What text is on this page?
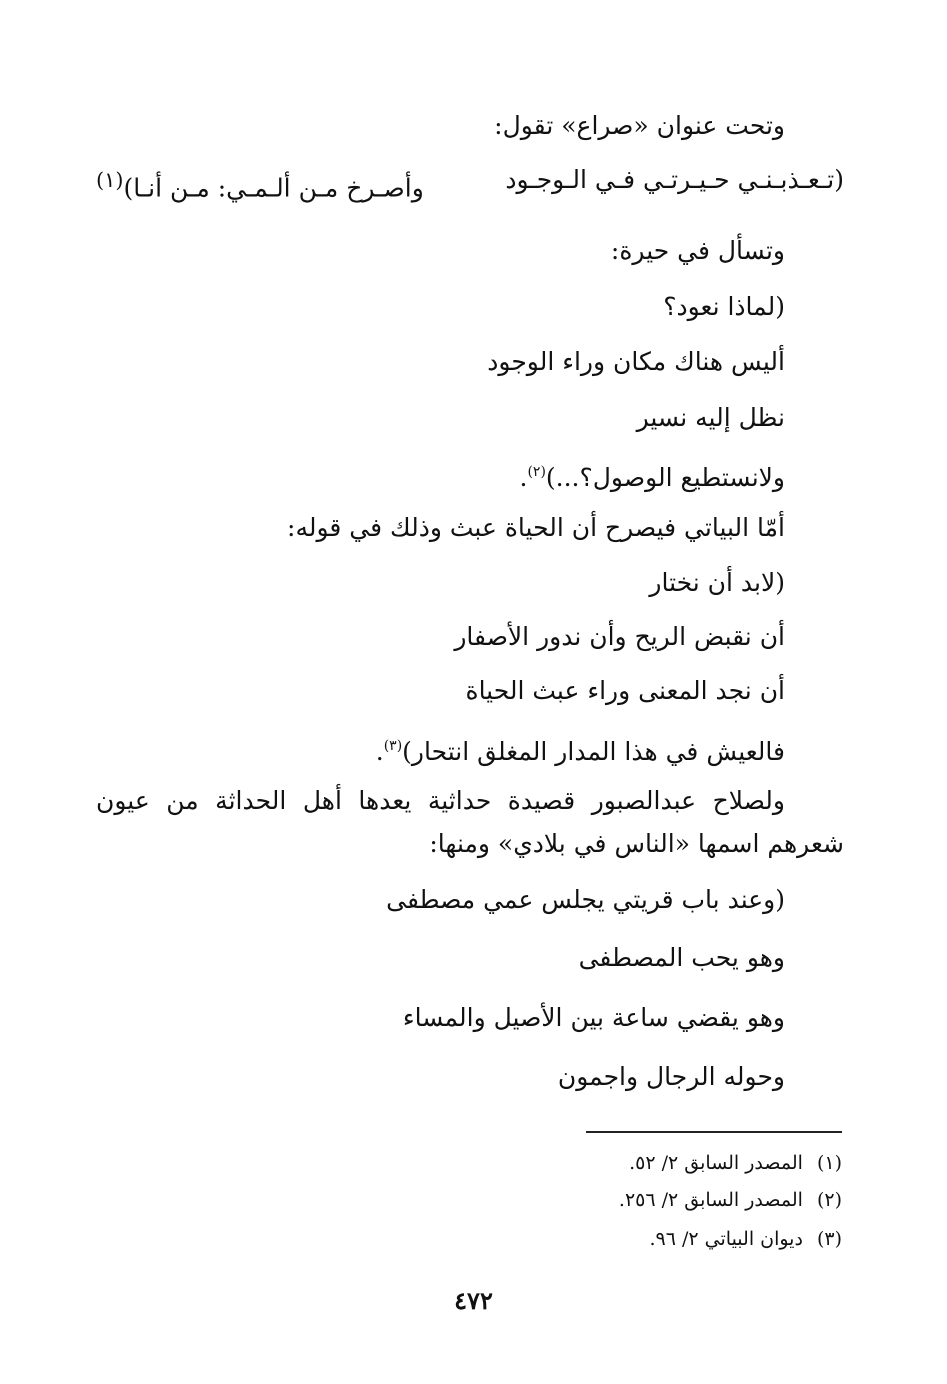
وتحت عنوان «صراع» تقول:
(تـعـذبـنـي حـيـرتـي فـي الـوجـود
وأصـرخ مـن ألـمـي: مـن أنـا)$^{(١)}$
وتسأل في حيرة:
(لماذا نعود؟
أليس هناك مكان وراء الوجود
نظل إليه نسير
ولانستطيع الوصول؟...)$^{(٢)}$.
أمّا البياتي فيصرح أن الحياة عبث وذلك في قوله:
(لابد أن نختار
أن نقبض الريح وأن ندور الأصفار
أن نجد المعنى وراء عبث الحياة
فالعيش في هذا المدار المغلق انتحار)$^{(٣)}$.
ولصلاح عبدالصبور قصيدة حداثية يعدها أهل الحداثة من عيون
شعرهم اسمها «الناس في بلادي» ومنها:
(وعند باب قريتي يجلس عمي مصطفى
وهو يحب المصطفى
وهو يقضي ساعة بين الأصيل والمساء
وحوله الرجال واجمون
(١)المصدر السابق ٢/ ٥٢.
(٢)المصدر السابق ٢/ ٢٥٦.
(٣)ديوان البياتي ٢/ ٩٦.
٤٧٢
